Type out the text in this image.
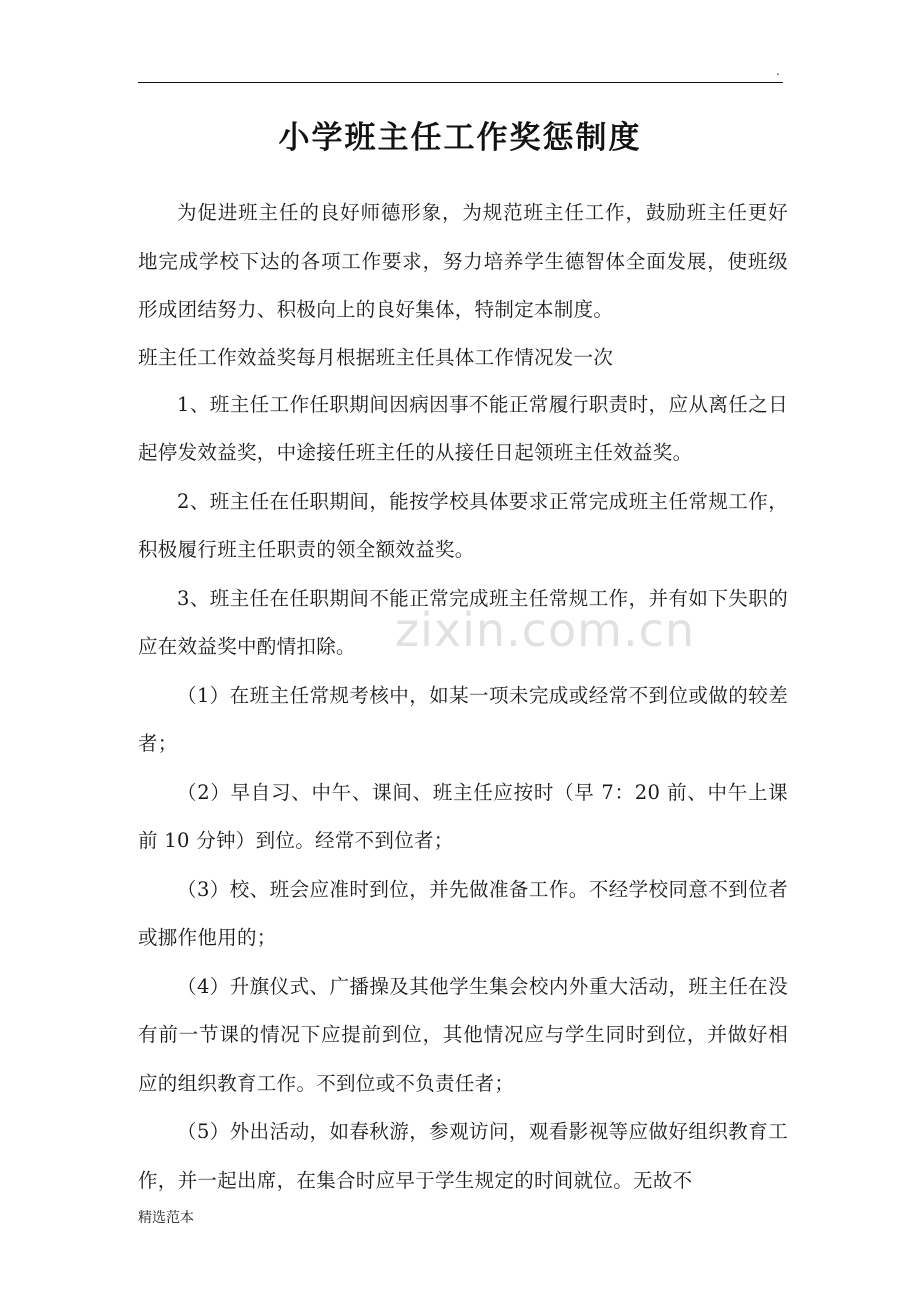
.
小学班主任工作奖惩制度

为促进班主任的良好师德形象，为规范班主任工作，鼓励班主任更好地完成学校下达的各项工作要求，努力培养学生德智体全面发展，使班级形成团结努力、积极向上的良好集体，特制定本制度。

班主任工作效益奖每月根据班主任具体工作情况发一次

1、班主任工作任职期间因病因事不能正常履行职责时，应从离任之日起停发效益奖，中途接任班主任的从接任日起领班主任效益奖。

2、班主任在任职期间，能按学校具体要求正常完成班主任常规工作，积极履行班主任职责的领全额效益奖。

3、班主任在任职期间不能正常完成班主任常规工作，并有如下失职的应在效益奖中酌情扣除。

（1）在班主任常规考核中，如某一项未完成或经常不到位或做的较差者；

（2）早自习、中午、课间、班主任应按时（早 7：20 前、中午上课前 10 分钟）到位。经常不到位者；

（3）校、班会应准时到位，并先做准备工作。不经学校同意不到位者或挪作他用的；

（4）升旗仪式、广播操及其他学生集会校内外重大活动，班主任在没有前一节课的情况下应提前到位，其他情况应与学生同时到位，并做好相应的组织教育工作。不到位或不负责任者；

（5）外出活动，如春秋游，参观访问，观看影视等应做好组织教育工作，并一起出席，在集合时应早于学生规定的时间就位。无故不

zixin.com.cn
精选范本
